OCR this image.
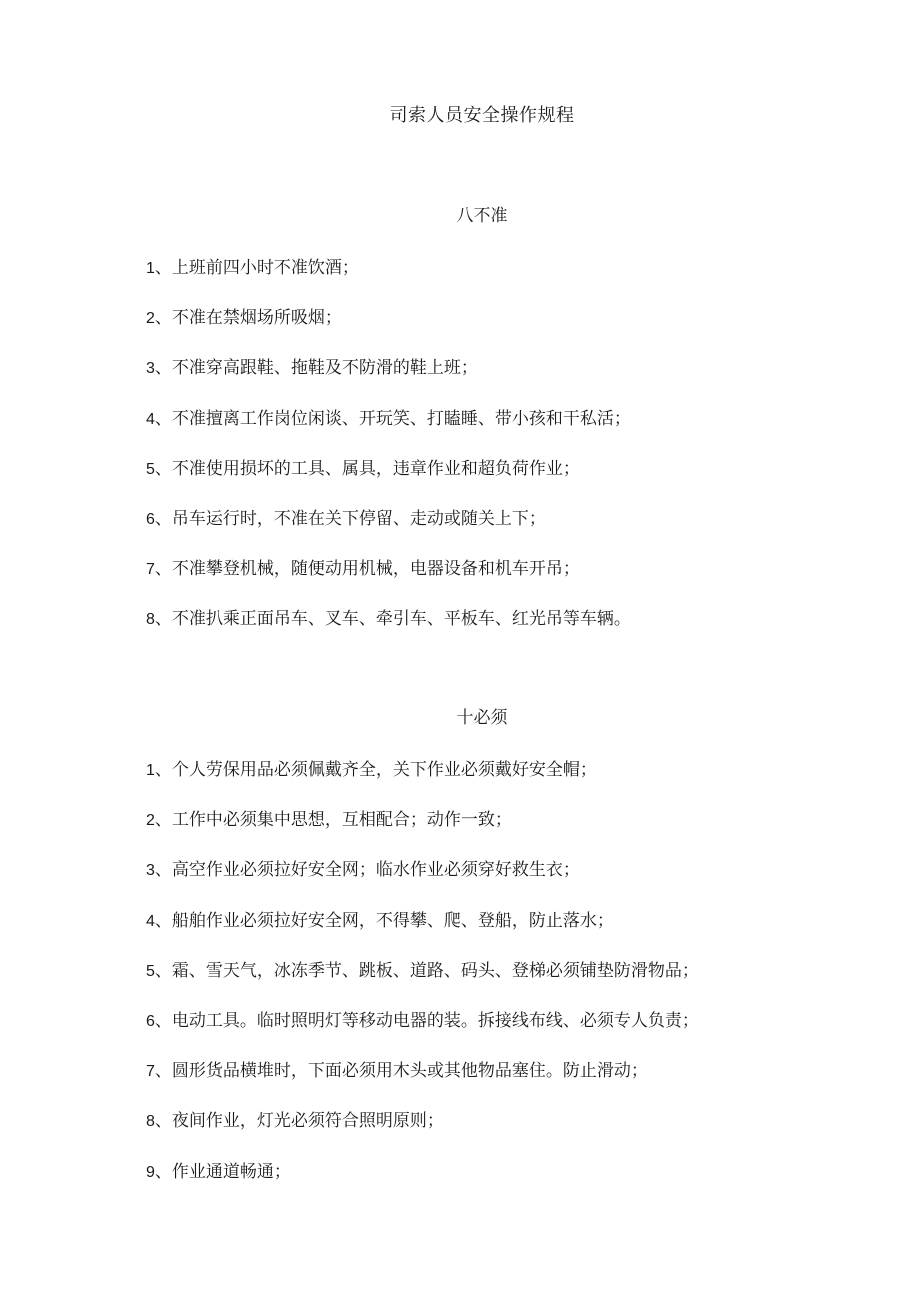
司索人员安全操作规程
八不准
1、上班前四小时不准饮酒；
2、不准在禁烟场所吸烟；
3、不准穿高跟鞋、拖鞋及不防滑的鞋上班；
4、不准擅离工作岗位闲谈、开玩笑、打瞌睡、带小孩和干私活；
5、不准使用损坏的工具、属具，违章作业和超负荷作业；
6、吊车运行时，不准在关下停留、走动或随关上下；
7、不准攀登机械，随便动用机械，电器设备和机车开吊；
8、不准扒乘正面吊车、叉车、牵引车、平板车、红光吊等车辆。
十必须
1、个人劳保用品必须佩戴齐全，关下作业必须戴好安全帽；
2、工作中必须集中思想，互相配合；动作一致；
3、高空作业必须拉好安全网；临水作业必须穿好救生衣；
4、船舶作业必须拉好安全网，不得攀、爬、登船，防止落水；
5、霜、雪天气，冰冻季节、跳板、道路、码头、登梯必须铺垫防滑物品；
6、电动工具。临时照明灯等移动电器的装。拆接线布线、必须专人负责；
7、圆形货品横堆时，下面必须用木头或其他物品塞住。防止滑动；
8、夜间作业，灯光必须符合照明原则；
9、作业通道畅通；
